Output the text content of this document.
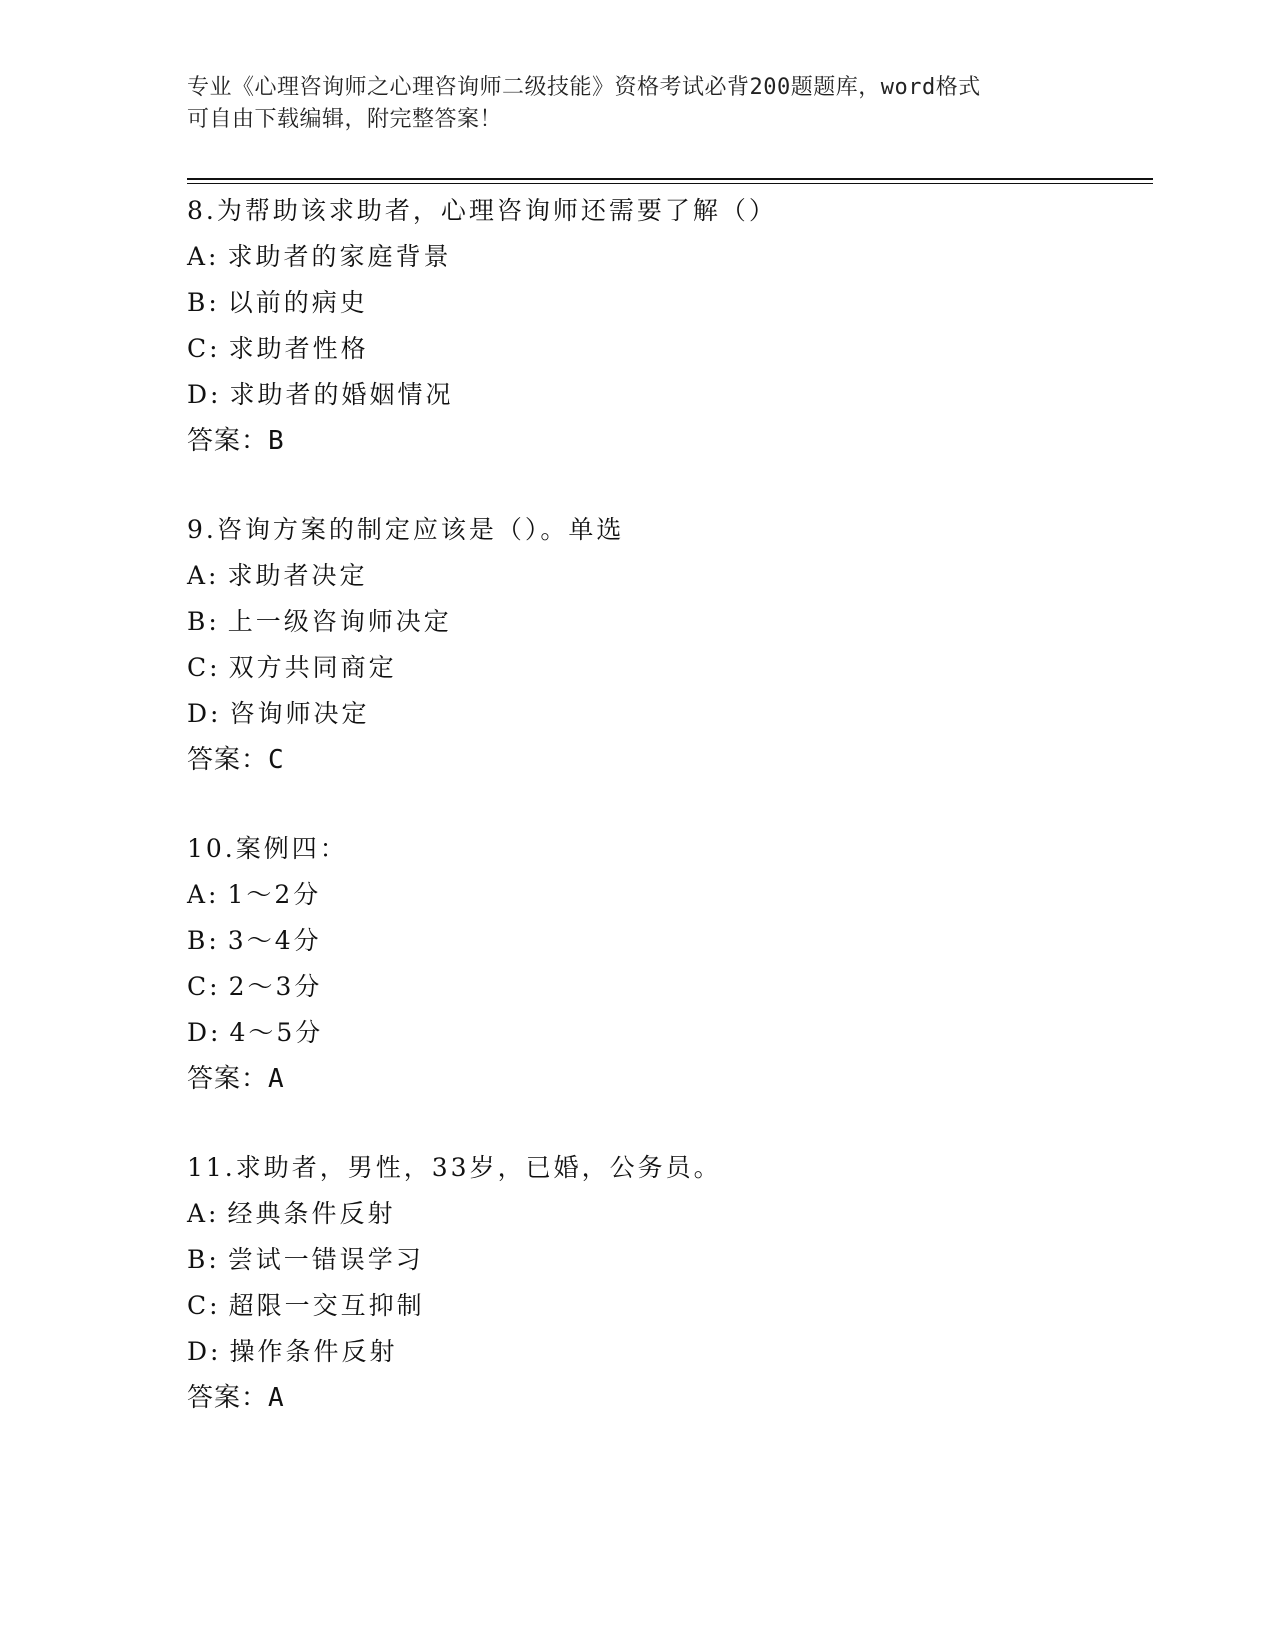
专业《心理咨询师之心理咨询师二级技能》资格考试必背200题题库，word格式
可自由下载编辑，附完整答案！
8.为帮助该求助者，心理咨询师还需要了解（）
A: 求助者的家庭背景
B: 以前的病史
C: 求助者性格
D: 求助者的婚姻情况
答案：B
9.咨询方案的制定应该是（）。单选
A: 求助者决定
B: 上一级咨询师决定
C: 双方共同商定
D: 咨询师决定
答案：C
10.案例四：
A: 1～2分
B: 3～4分
C: 2～3分
D: 4～5分
答案：A
11.求助者，男性，33岁，已婚，公务员。
A: 经典条件反射
B: 尝试一错误学习
C: 超限一交互抑制
D: 操作条件反射
答案：A
